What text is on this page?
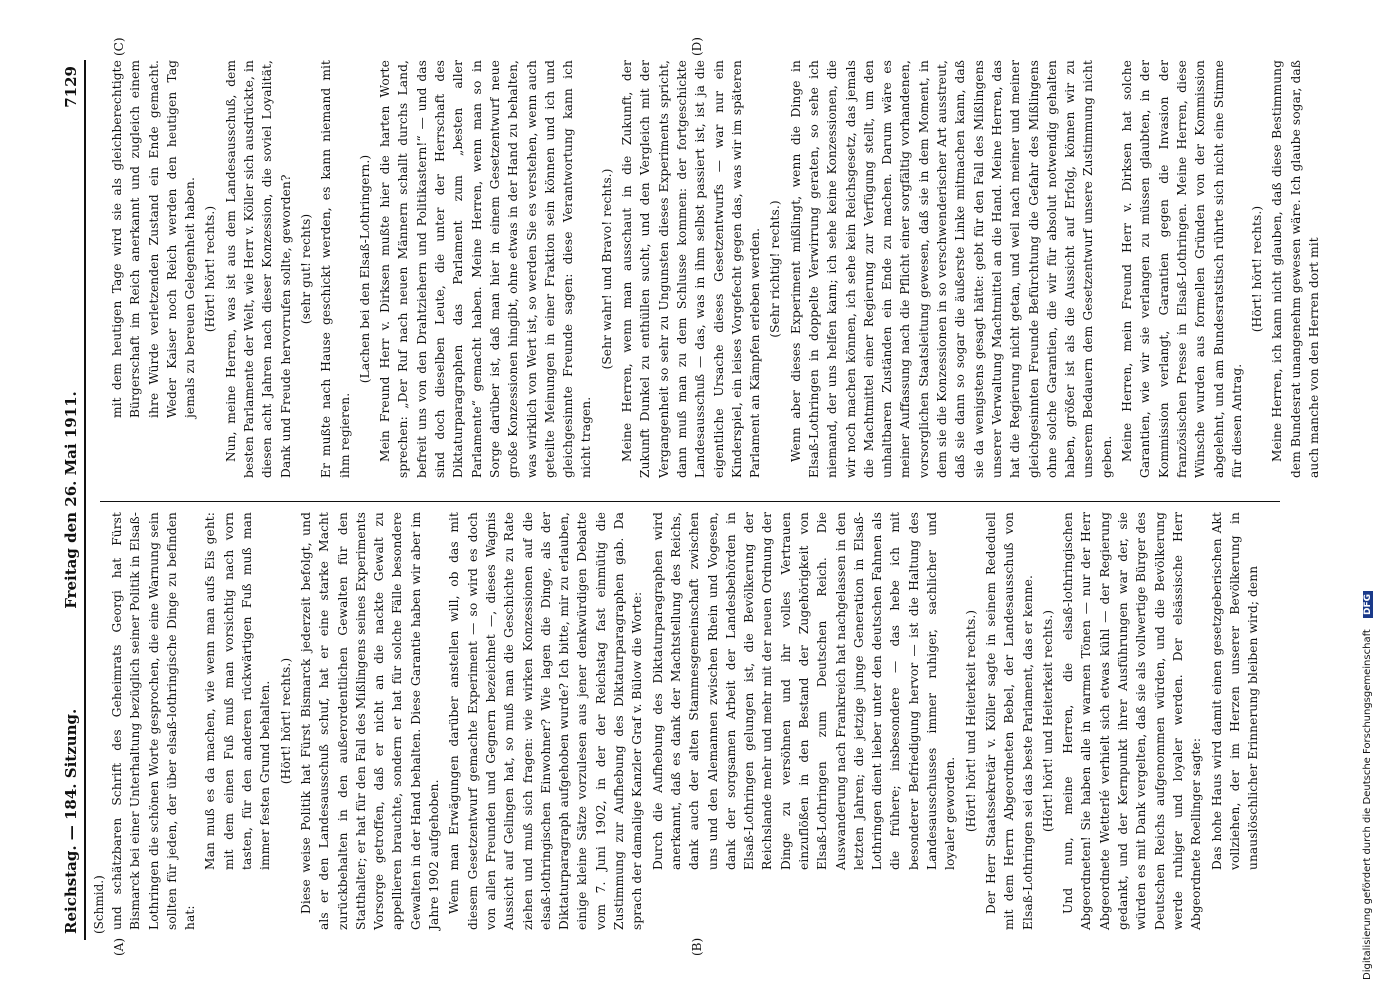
Reichstag. — 184. Sitzung.
Freitag den 26. Mai 1911.
7129
(Schmid.)
(A)	(B)
(C)	(D)

und schätzbaren Schrift des Geheimrats Georgi hat Fürst Bismarck bei einer Unterhaltung bezüglich seiner Politik in Elsaß-Lothringen die schönen Worte gesprochen, die eine Warnung sein sollten für jeden, der über elsaß-lothringische Dinge zu befinden hat:

Man muß es da machen, wie wenn man aufs Eis geht: mit dem einen Fuß muß man vorsichtig nach vorn tasten, für den anderen rückwärtigen Fuß muß man immer festen Grund behalten. (Hört! hört! rechts.) Diese weise Politik hat Fürst Bismarck jederzeit befolgt, und als er den Landesausschuß schuf, hat er eine starke Macht zurückbehalten in den außerordentlichen Gewalten für den Statthalter; er hat für den Fall des Mißlingens seines Experiments Vorsorge getroffen, daß er nicht an die nackte Gewalt zu appellieren brauchte, sondern er hat für solche Fälle besondere Gewalten in der Hand behalten. Diese Garantie haben wir aber im Jahre 1902 aufgehoben. Wenn man Erwägungen darüber anstellen will, ob das mit diesem Gesetzentwurf gemachte Experiment — so wird es doch von allen Freunden und Gegnern bezeichnet —, dieses Wagnis Aussicht auf Gelingen hat, so muß man die Geschichte zu Rate ziehen und muß sich fragen: wie wirken Konzessionen auf die elsaß-lothringischen Einwohner? Wie lagen die Dinge, als der Diktaturparagraph aufgehoben wurde? Ich bitte, mir zu erlauben, einige kleine Sätze vorzulesen aus jener denkwürdigen Debatte vom 7. Juni 1902, in der der Reichstag fast einmütig die Zustimmung zur Aufhebung des Diktaturparagraphen gab. Da sprach der damalige Kanzler Graf v. Bülow die Worte: Durch die Aufhebung des Diktaturparagraphen wird anerkannt, daß es dank der Machtstellung des Reichs, dank auch der alten Stammesgemeinschaft zwischen uns und den Alemannen zwischen Rhein und Vogesen, dank der sorgsamen Arbeit der Landesbehörden in Elsaß-Lothringen gelungen ist, die Bevölkerung der Reichslande mehr und mehr mit der neuen Ordnung der Dinge zu versöhnen und ihr volles Vertrauen einzuflößen in den Bestand der Zugehörigkeit von Elsaß-Lothringen zum Deutschen Reich. Die Auswanderung nach Frankreich hat nachgelassen in den letzten Jahren; die jetzige junge Generation in Elsaß-Lothringen dient lieber unter den deutschen Fahnen als die frühere; insbesondere — das hebe ich mit besonderer Befriedigung hervor — ist die Haltung des Landesausschusses immer ruhiger, sachlicher und loyaler geworden. (Hört! hört! und Heiterkeit rechts.) Der Herr Staatssekretär v. Köller sagte in seinem Rededuell mit dem Herrn Abgeordneten Bebel, der Landesausschuß von Elsaß-Lothringen sei das beste Parlament, das er kenne. (Hört! hört! und Heiterkeit rechts.) Und nun, meine Herren, die elsaß-lothringischen Abgeordneten! Sie haben alle in warmen Tönen — nur der Herr Abgeordnete Wetterlé verhielt sich etwas kühl — der Regierung gedankt, und der Kernpunkt ihrer Ausführungen war der, sie würden es mit Dank vergelten, daß sie als vollwertige Bürger des Deutschen Reichs aufgenommen würden, und die Bevölkerung werde ruhiger und loyaler werden. Der elsässische Herr Abgeordnete Roellinger sagte: Das hohe Haus wird damit einen gesetzgeberischen Akt vollziehen, der im Herzen unserer Bevölkerung in unauslöschlicher Erinnerung bleiben wird; denn

mit dem heutigen Tage wird sie als gleichberechtigte Bürgerschaft im Reich anerkannt und zugleich einem ihre Würde verletzenden Zustand ein Ende gemacht. Weder Kaiser noch Reich werden den heutigen Tag jemals zu bereuen Gelegenheit haben. (Hört! hört! rechts.) Nun, meine Herren, was ist aus dem Landesausschuß, dem besten Parlamente der Welt, wie Herr v. Köller sich ausdrückte, in diesen acht Jahren nach dieser Konzession, die soviel Loyalität, Dank und Freude hervorrufen sollte, geworden? (sehr gut! rechts) Er mußte nach Hause geschickt werden, es kann niemand mit ihm regieren.

(Lachen bei den Elsaß-Lothringern.) Mein Freund Herr v. Dirksen mußte hier die harten Worte sprechen: „Der Ruf nach neuen Männern schallt durchs Land, befreit uns von den Drahtziehern und Politikastern!“ — und das sind doch dieselben Leute, die unter der Herrschaft des Diktaturparagraphen das Parlament zum „besten aller Parlamente“ gemacht haben. Meine Herren, wenn man so in Sorge darüber ist, daß man hier in einem Gesetzentwurf neue große Konzessionen hingibt, ohne etwas in der Hand zu behalten, was wirklich von Wert ist, so werden Sie es verstehen, wenn auch geteilte Meinungen in einer Fraktion sein können und ich und gleichgesinnte Freunde sagen: diese Verantwortung kann ich nicht tragen.

(Sehr wahr! und Bravo! rechts.) Meine Herren, wenn man ausschaut in die Zukunft, der Zukunft Dunkel zu enthüllen sucht, und den Vergleich mit der Vergangenheit so sehr zu Ungunsten dieses Experiments spricht, dann muß man zu dem Schlusse kommen: der fortgeschickte Landesausschuß — das, was in ihm selbst passiert ist, ist ja die eigentliche Ursache dieses Gesetzentwurfs — war nur ein Kinderspiel, ein leises Vorgefecht gegen das, was wir im späteren Parlament an Kämpfen erleben werden. (Sehr richtig! rechts.) Wenn aber dieses Experiment mißlingt, wenn die Dinge in Elsaß-Lothringen in doppelte Verwirrung geraten, so sehe ich niemand, der uns helfen kann; ich sehe keine Konzessionen, die wir noch machen können, ich sehe kein Reichsgesetz, das jemals die Machtmittel einer Regierung zur Verfügung stellt, um den unhaltbaren Zuständen ein Ende zu machen. Darum wäre es meiner Auffassung nach die Pflicht einer sorgfältig vorhandenen, vorsorglichen Staatsleitung gewesen, daß sie in dem Moment, in dem sie die Konzessionen in so verschwenderischer Art ausstreut, daß sie dann so sogar die äußerste Linke mitmachen kann, daß sie da wenigstens gesagt hätte: gebt für den Fall des Mißlingens unserer Verwaltung Machtmittel an die Hand. Meine Herren, das hat die Regierung nicht getan, und weil nach meiner und meiner gleichgesinnten Freunde Befürchtung die Gefahr des Mißlingens ohne solche Garantien, die wir für absolut notwendig gehalten haben, größer ist als die Aussicht auf Erfolg, können wir zu unserem Bedauern dem Gesetzentwurf unsere Zustimmung nicht geben. Meine Herren, mein Freund Herr v. Dirksen hat solche Garantien, wie wir sie verlangen zu müssen glaubten, in der Kommission verlangt, Garantien gegen die Invasion der französischen Presse in Elsaß-Lothringen. Meine Herren, diese Wünsche wurden aus formellen Gründen von der Kommission abgelehnt, und am Bundesratstisch rührte sich nicht eine Stimme für diesen Antrag.

(Hört! hört! rechts.) Meine Herren, ich kann nicht glauben, daß diese Bestimmung dem Bundesrat unangenehm gewesen wäre. Ich glaube sogar, daß auch manche von den Herren dort mit

Digitalisierung gefördert durch die Deutsche Forschungsgemeinschaft DFG
